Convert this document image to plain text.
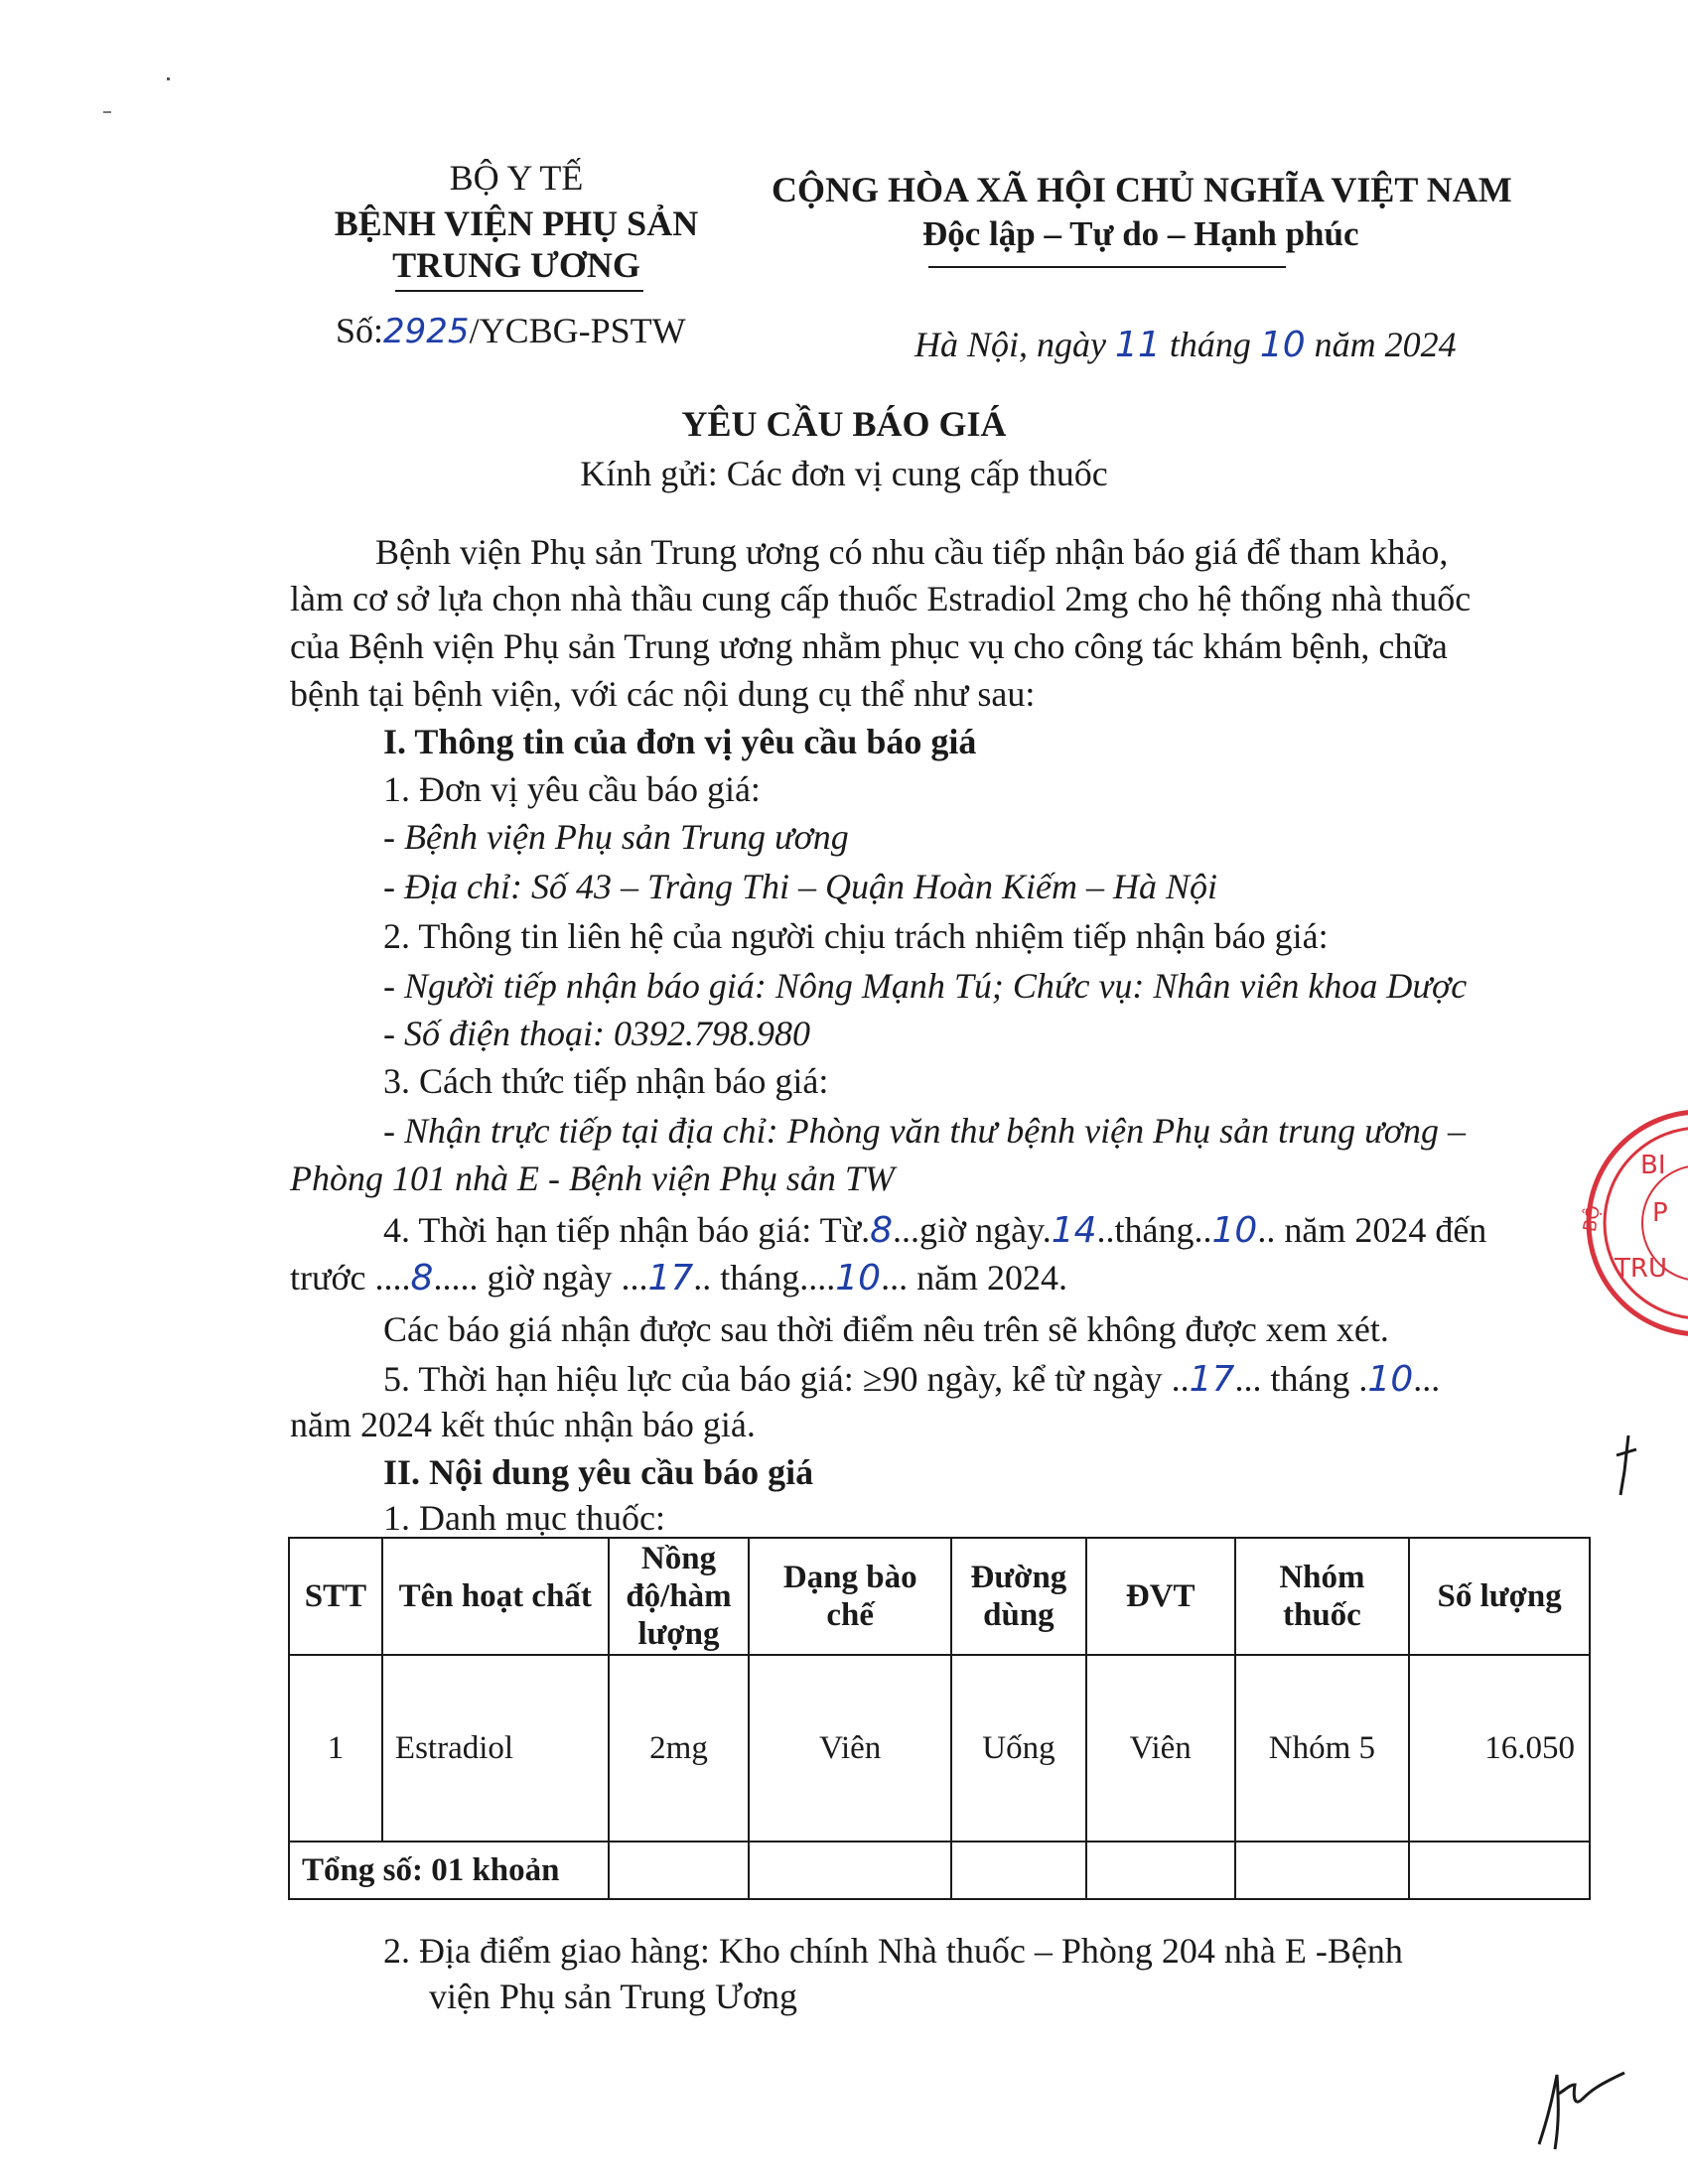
BỘ Y TẾ
BỆNH VIỆN PHỤ SẢN
TRUNG ƯƠNG
Số:2925/YCBG-PSTW
CỘNG HÒA XÃ HỘI CHỦ NGHĨA VIỆT NAM
Độc lập – Tự do – Hạnh phúc
Hà Nội, ngày 11 tháng 10 năm 2024
YÊU CẦU BÁO GIÁ
Kính gửi: Các đơn vị cung cấp thuốc
Bệnh viện Phụ sản Trung ương có nhu cầu tiếp nhận báo giá để tham khảo,
làm cơ sở lựa chọn nhà thầu cung cấp thuốc Estradiol 2mg cho hệ thống nhà thuốc
của Bệnh viện Phụ sản Trung ương nhằm phục vụ cho công tác khám bệnh, chữa
bệnh tại bệnh viện, với các nội dung cụ thể như sau:
I. Thông tin của đơn vị yêu cầu báo giá
1. Đơn vị yêu cầu báo giá:
- Bệnh viện Phụ sản Trung ương
- Địa chỉ: Số 43 – Tràng Thi – Quận Hoàn Kiếm – Hà Nội
2. Thông tin liên hệ của người chịu trách nhiệm tiếp nhận báo giá:
- Người tiếp nhận báo giá: Nông Mạnh Tú; Chức vụ: Nhân viên khoa Dược
- Số điện thoại: 0392.798.980
3. Cách thức tiếp nhận báo giá:
- Nhận trực tiếp tại địa chỉ: Phòng văn thư bệnh viện Phụ sản trung ương –
Phòng 101 nhà E - Bệnh viện Phụ sản TW
4. Thời hạn tiếp nhận báo giá: Từ.8...giờ ngày.14..tháng..10.. năm 2024 đến
trước ....8..... giờ ngày ...17.. tháng....10... năm 2024.
Các báo giá nhận được sau thời điểm nêu trên sẽ không được xem xét.
5. Thời hạn hiệu lực của báo giá: ≥90 ngày, kể từ ngày ..17... tháng .10...
năm 2024 kết thúc nhận báo giá.
II. Nội dung yêu cầu báo giá
1. Danh mục thuốc:
STT	Tên hoạt chất	Nồng độ/hàm lượng	Dạng bào chế	Đường dùng	ĐVT	Nhóm thuốc	Số lượng
1	Estradiol	2mg	Viên	Uống	Viên	Nhóm 5	16.050
Tổng số: 01 khoản							
2. Địa điểm giao hàng: Kho chính Nhà thuốc – Phòng 204 nhà E -Bệnh
viện Phụ sản Trung Ương
BI
P
TRU
BỘ
